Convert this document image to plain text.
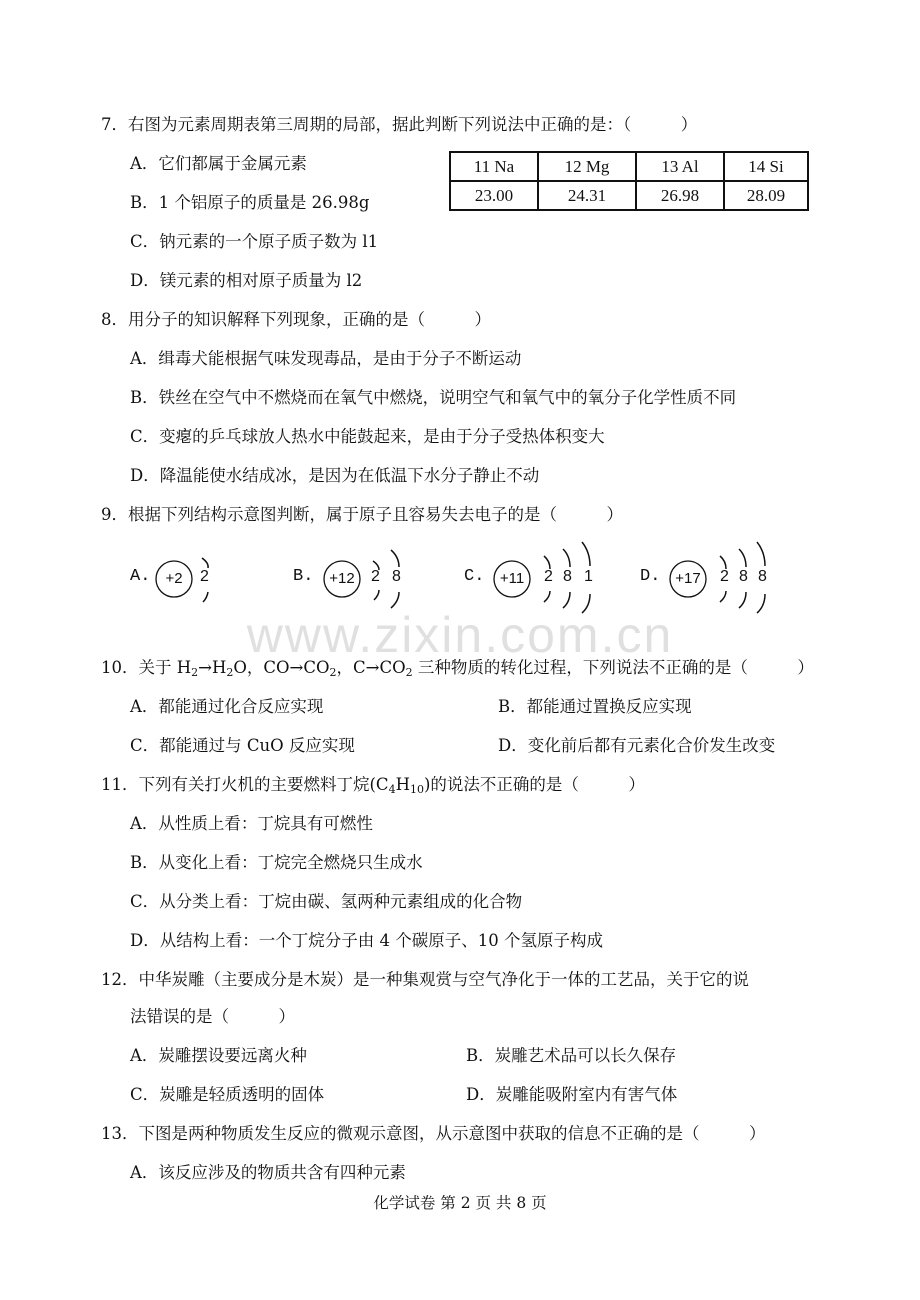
7．右图为元素周期表第三周期的局部，据此判断下列说法中正确的是：（　　　）
A．它们都属于金属元素
B．1 个铝原子的质量是 26.98g
C．钠元素的一个原子质子数为 l1
D．镁元素的相对原子质量为 l2
11 Na	12 Mg	13 Al	14 Si
23.00	24.31	26.98	28.09
8．用分子的知识解释下列现象，正确的是（　　　）
A．缉毒犬能根据气味发现毒品，是由于分子不断运动
B．铁丝在空气中不燃烧而在氧气中燃烧，说明空气和氧气中的氧分子化学性质不同
C．变瘪的乒乓球放人热水中能鼓起来，是由于分子受热体积变大
D．降温能使水结成冰，是因为在低温下水分子静止不动
9．根据下列结构示意图判断，属于原子且容易失去电子的是（　　　）
A.	+2	2	B.	+12	2 8	C.	+11	2 8 1	D. +17	2 8 8
www.zixin.com.cn
10．关于 $H_2\to H_2O$，$CO\to CO_2$，$C\to CO_2$ 三种物质的转化过程，下列说法不正确的是（　　　）
A．都能通过化合反应实现	B．都能通过置换反应实现
C．都能通过与 CuO 反应实现	D．变化前后都有元素化合价发生改变
11．下列有关打火机的主要燃料丁烷$(C_4H_{10})$的说法不正确的是（　　　）
A．从性质上看：丁烷具有可燃性
B．从变化上看：丁烷完全燃烧只生成水
C．从分类上看：丁烷由碳、氢两种元素组成的化合物
D．从结构上看：一个丁烷分子由 4 个碳原子、10 个氢原子构成
12．中华炭雕（主要成分是木炭）是一种集观赏与空气净化于一体的工艺品，关于它的说
法错误的是（　　　）
A．炭雕摆设要远离火种	B．炭雕艺术品可以长久保存
C．炭雕是轻质透明的固体	D．炭雕能吸附室内有害气体
13．下图是两种物质发生反应的微观示意图，从示意图中获取的信息不正确的是（　　　）
A．该反应涉及的物质共含有四种元素
化学试卷 第 2 页 共 8 页
